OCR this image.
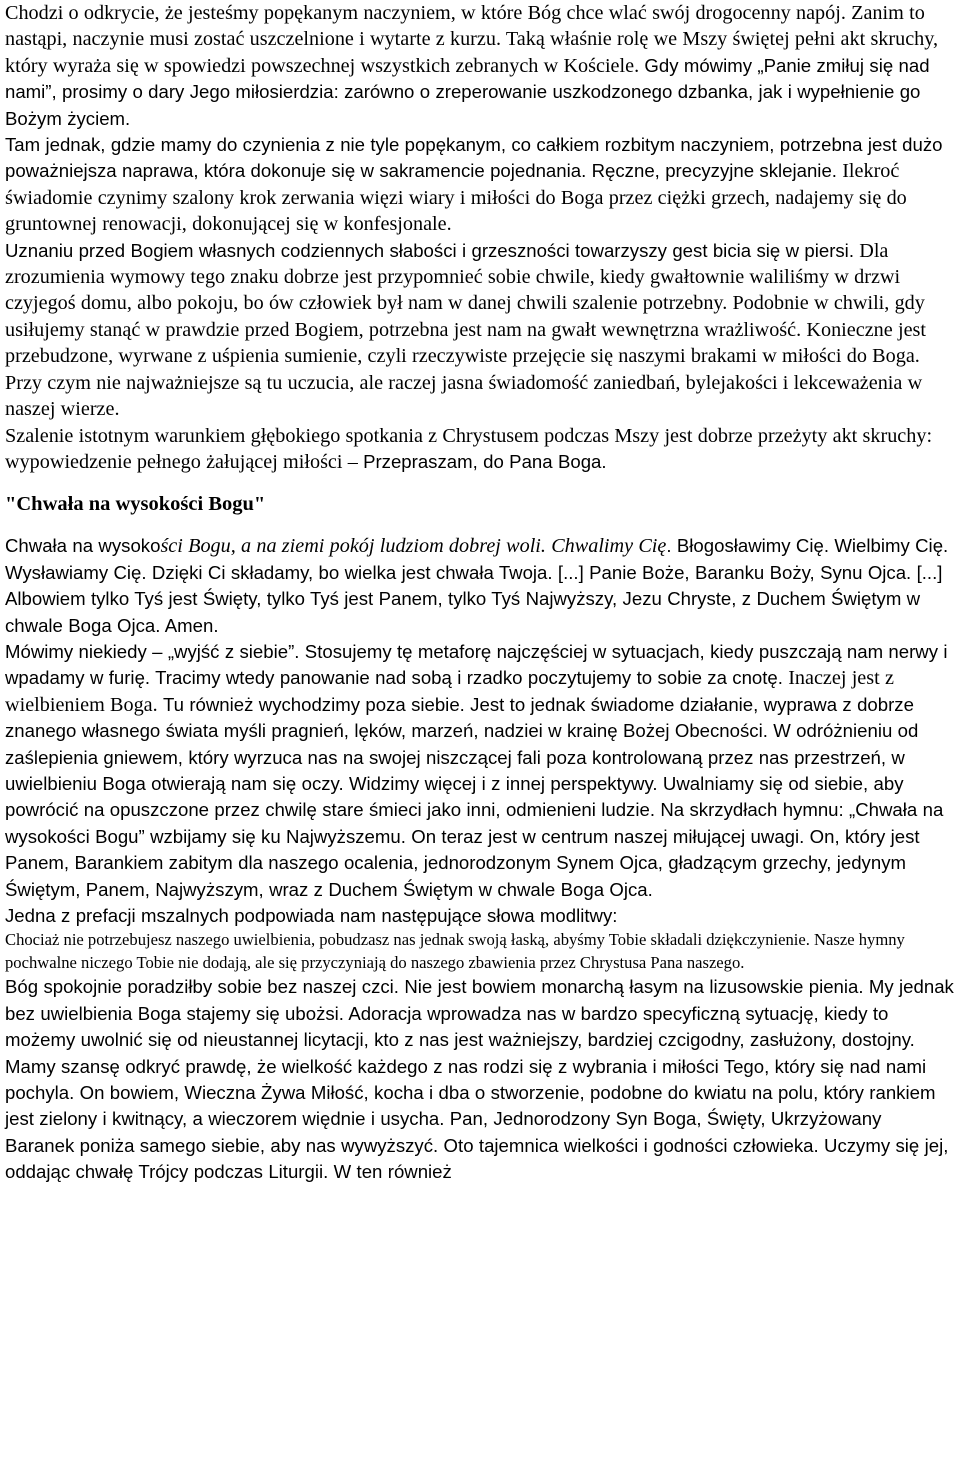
Chodzi o odkrycie, że jesteśmy popękanym naczyniem, w które Bóg chce wlać swój drogocenny napój. Zanim to nastąpi, naczynie musi zostać uszczelnione i wytarte z kurzu. Taką właśnie rolę we Mszy świętej pełni akt skruchy, który wyraża się w spowiedzi powszechnej wszystkich zebranych w Kościele. Gdy mówimy „Panie zmiłuj się nad nami”, prosimy o dary Jego miłosierdzia: zarówno o zreperowanie uszkodzonego dzbanka, jak i wypełnienie go Bożym życiem.

Tam jednak, gdzie mamy do czynienia z nie tyle popękanym, co całkiem rozbitym naczyniem, potrzebna jest dużo poważniejsza naprawa, która dokonuje się w sakramencie pojednania. Ręczne, precyzyjne sklejanie. Ilekroć świadomie czynimy szalony krok zerwania więzi wiary i miłości do Boga przez ciężki grzech, nadajemy się do gruntownej renowacji, dokonującej się w konfesjonale.

Uznaniu przed Bogiem własnych codziennych słabości i grzeszności towarzyszy gest bicia się w piersi. Dla zrozumienia wymowy tego znaku dobrze jest przypomnieć sobie chwile, kiedy gwałtownie waliliśmy w drzwi czyjegoś domu, albo pokoju, bo ów człowiek był nam w danej chwili szalenie potrzebny. Podobnie w chwili, gdy usiłujemy stanąć w prawdzie przed Bogiem, potrzebna jest nam na gwałt wewnętrzna wrażliwość. Konieczne jest przebudzone, wyrwane z uśpienia sumienie, czyli rzeczywiste przejęcie się naszymi brakami w miłości do Boga. Przy czym nie najważniejsze są tu uczucia, ale raczej jasna świadomość zaniedbań, bylejakości i lekceważenia w naszej wierze.

Szalenie istotnym warunkiem głębokiego spotkania z Chrystusem podczas Mszy jest dobrze przeżyty akt skruchy: wypowiedzenie pełnego żałującej miłości – Przepraszam, do Pana Boga.

"Chwała na wysokości Bogu"

Chwała na wysokości Bogu, a na ziemi pokój ludziom dobrej woli. Chwalimy Cię. Błogosławimy Cię. Wielbimy Cię. Wysławiamy Cię. Dzięki Ci składamy, bo wielka jest chwała Twoja. [...] Panie Boże, Baranku Boży, Synu Ojca. [...] Albowiem tylko Tyś jest Święty, tylko Tyś jest Panem, tylko Tyś Najwyższy, Jezu Chryste, z Duchem Świętym w chwale Boga Ojca. Amen.

Mówimy niekiedy – „wyjść z siebie”. Stosujemy tę metaforę najczęściej w sytuacjach, kiedy puszczają nam nerwy i wpadamy w furię. Tracimy wtedy panowanie nad sobą i rzadko poczytujemy to sobie za cnotę. Inaczej jest z wielbieniem Boga. Tu również wychodzimy poza siebie. Jest to jednak świadome działanie, wyprawa z dobrze znanego własnego świata myśli pragnień, lęków, marzeń, nadziei w krainę Bożej Obecności. W odróżnieniu od zaślepienia gniewem, który wyrzuca nas na swojej niszczącej fali poza kontrolowaną przez nas przestrzeń, w uwielbieniu Boga otwierają nam się oczy. Widzimy więcej i z innej perspektywy. Uwalniamy się od siebie, aby powrócić na opuszczone przez chwilę stare śmieci jako inni, odmienieni ludzie. Na skrzydłach hymnu: „Chwała na wysokości Bogu” wzbijamy się ku Najwyższemu. On teraz jest w centrum naszej miłującej uwagi. On, który jest Panem, Barankiem zabitym dla naszego ocalenia, jednorodzonym Synem Ojca, gładzącym grzechy, jedynym Świętym, Panem, Najwyższym, wraz z Duchem Świętym w chwale Boga Ojca.

Jedna z prefacji mszalnych podpowiada nam następujące słowa modlitwy:

Chociaż nie potrzebujesz naszego uwielbienia, pobudzasz nas jednak swoją łaską, abyśmy Tobie składali dziękczynienie. Nasze hymny pochwalne niczego Tobie nie dodają, ale się przyczyniają do naszego zbawienia przez Chrystusa Pana naszego.

Bóg spokojnie poradziłby sobie bez naszej czci. Nie jest bowiem monarchą łasym na lizusowskie pienia. My jednak bez uwielbienia Boga stajemy się ubożsi. Adoracja wprowadza nas w bardzo specyficzną sytuację, kiedy to możemy uwolnić się od nieustannej licytacji, kto z nas jest ważniejszy, bardziej czcigodny, zasłużony, dostojny. Mamy szansę odkryć prawdę, że wielkość każdego z nas rodzi się z wybrania i miłości Tego, który się nad nami pochyla. On bowiem, Wieczna Żywa Miłość, kocha i dba o stworzenie, podobne do kwiatu na polu, który rankiem jest zielony i kwitnący, a wieczorem więdnie i usycha. Pan, Jednorodzony Syn Boga, Święty, Ukrzyżowany Baranek poniża samego siebie, aby nas wywyższyć. Oto tajemnica wielkości i godności człowieka. Uczymy się jej, oddając chwałę Trójcy podczas Liturgii. W ten również
